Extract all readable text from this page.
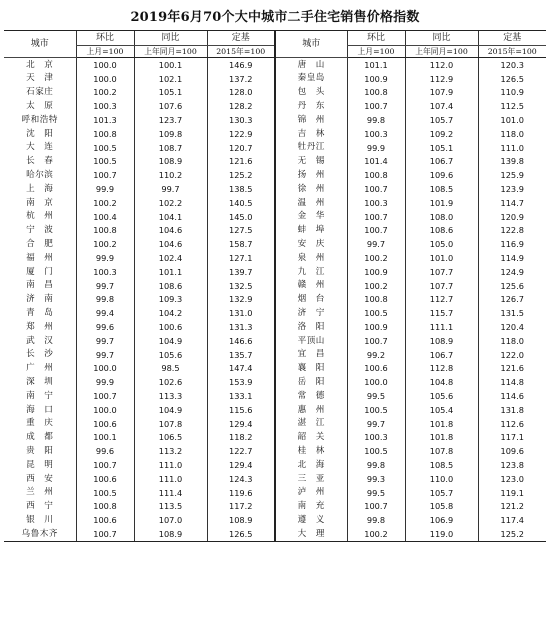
2019年6月70个大中城市二手住宅销售价格指数
城市	环比	同比	定基	城市	环比	同比	定基
	上月=100	上年同月=100	2015年=100		上月=100	上年同月=100	2015年=100
北　京	100.0	100.1	146.9	唐　山	101.1	112.0	120.3
天　津	100.0	102.1	137.2	秦皇岛	100.9	112.9	126.5
石家庄	100.2	105.1	128.0	包　头	100.8	107.9	110.9
太　原	100.3	107.6	128.2	丹　东	100.7	107.4	112.5
呼和浩特	101.3	123.7	130.3	锦　州	99.8	105.7	101.0
沈　阳	100.8	109.8	122.9	吉　林	100.3	109.2	118.0
大　连	100.5	108.7	120.7	牡丹江	99.9	105.1	111.0
长　春	100.5	108.9	121.6	无　锡	101.4	106.7	139.8
哈尔滨	100.7	110.2	125.2	扬　州	100.8	109.6	125.9
上　海	99.9	99.7	138.5	徐　州	100.7	108.5	123.9
南　京	100.2	102.2	140.5	温　州	100.3	101.9	114.7
杭　州	100.4	104.1	145.0	金　华	100.7	108.0	120.9
宁　波	100.8	104.6	127.5	蚌　埠	100.7	108.6	122.8
合　肥	100.2	104.6	158.7	安　庆	99.7	105.0	116.9
福　州	99.9	102.4	127.1	泉　州	100.2	101.0	114.9
厦　门	100.3	101.1	139.7	九　江	100.9	107.7	124.9
南　昌	99.7	108.6	132.5	赣　州	100.2	107.7	125.6
济　南	99.8	109.3	132.9	烟　台	100.8	112.7	126.7
青　岛	99.4	104.2	131.0	济　宁	100.5	115.7	131.5
郑　州	99.6	100.6	131.3	洛　阳	100.9	111.1	120.4
武　汉	99.7	104.9	146.6	平顶山	100.7	108.9	118.0
长　沙	99.7	105.6	135.7	宜　昌	99.2	106.7	122.0
广　州	100.0	98.5	147.4	襄　阳	100.6	112.8	121.6
深　圳	99.9	102.6	153.9	岳　阳	100.0	104.8	114.8
南　宁	100.7	113.3	133.1	常　德	99.5	105.6	114.6
海　口	100.0	104.9	115.6	惠　州	100.5	105.4	131.8
重　庆	100.6	107.8	129.4	湛　江	99.7	101.8	112.6
成　都	100.1	106.5	118.2	韶　关	100.3	101.8	117.1
贵　阳	99.6	113.2	122.7	桂　林	100.5	107.8	109.6
昆　明	100.7	111.0	129.4	北　海	99.8	108.5	123.8
西　安	100.6	111.0	124.3	三　亚	99.3	110.0	123.0
兰　州	100.5	111.4	119.6	泸　州	99.5	105.7	119.1
西　宁	100.8	113.5	117.2	南　充	100.7	105.8	121.2
银　川	100.6	107.0	108.9	遵　义	99.8	106.9	117.4
乌鲁木齐	100.7	108.9	126.5	大　理	100.2	119.0	125.2
